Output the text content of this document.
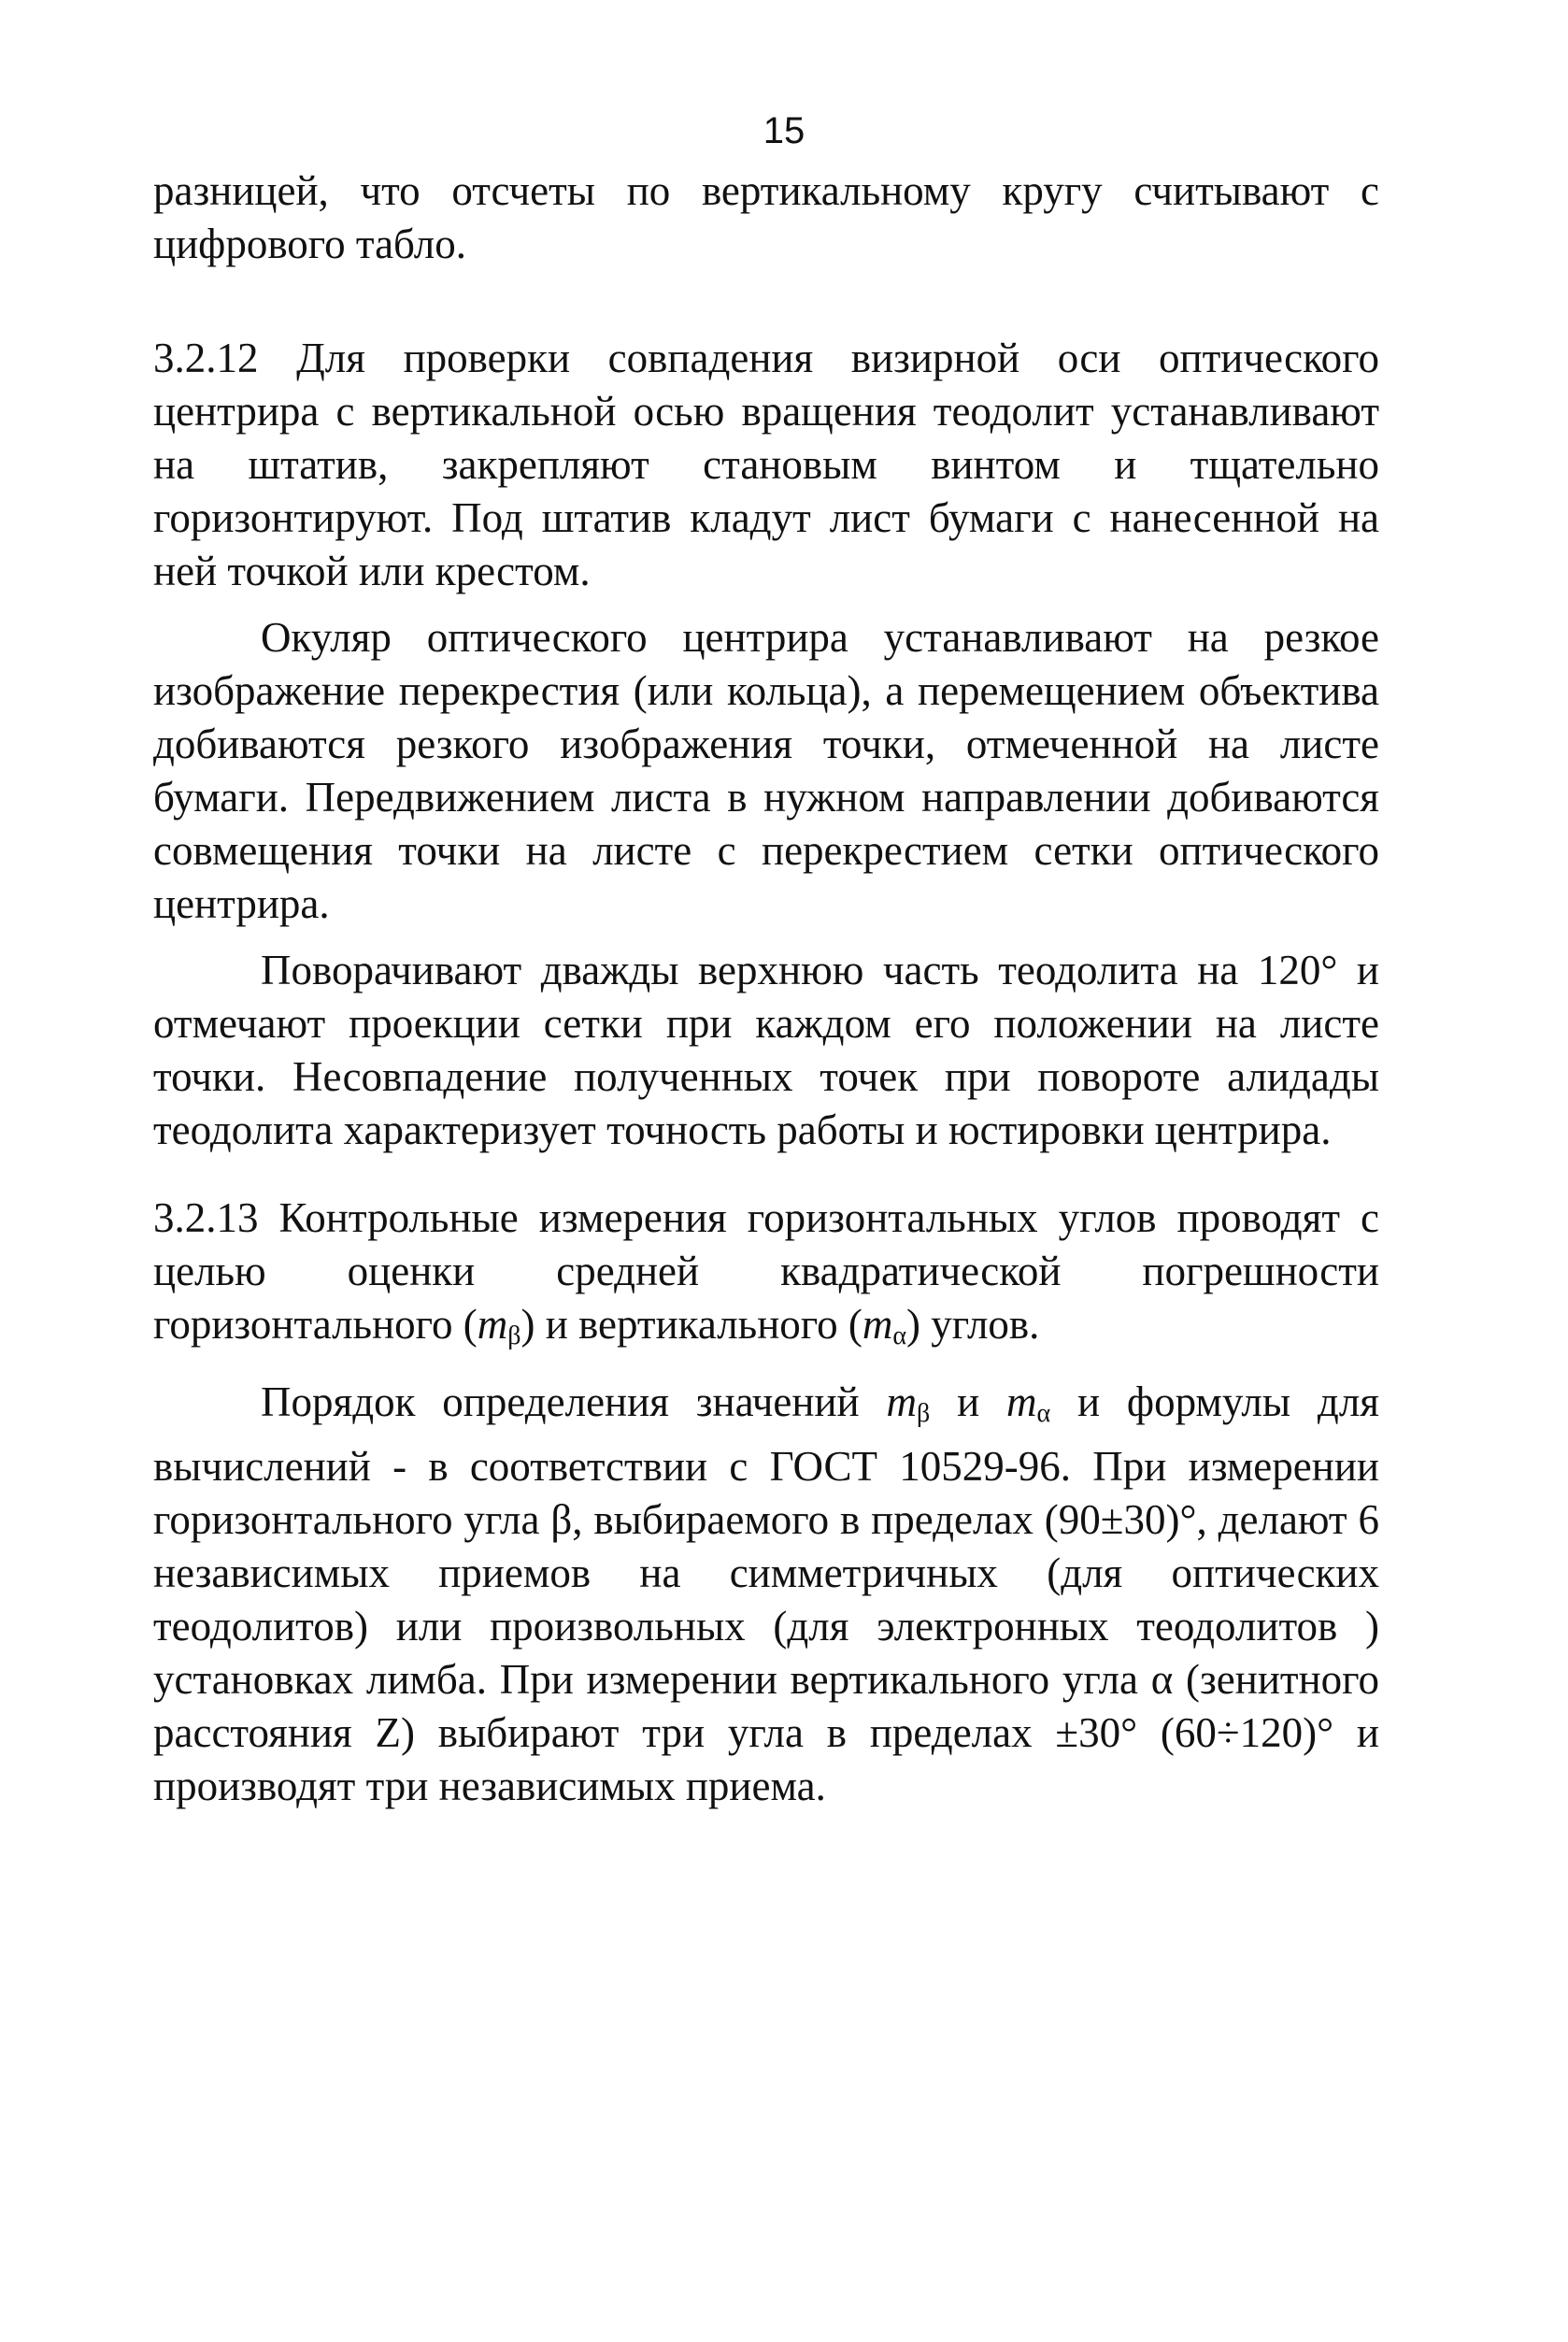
15

разницей, что отсчеты по вертикальному кругу считывают с цифрового табло.

3.2.12 Для проверки совпадения визирной оси оптического центрира с вертикальной осью вращения теодолит устанавливают на штатив, закрепляют становым винтом и тщательно горизонтируют. Под штатив кладут лист бумаги с нанесенной на ней точкой или крестом.

Окуляр оптического центрира устанавливают на резкое изображение перекрестия (или кольца), а перемещением объектива добиваются резкого изображения точки, отмеченной на листе бумаги. Передвижением листа в нужном направлении добиваются совмещения точки на листе с перекрестием сетки оптического центрира.

Поворачивают дважды верхнюю часть теодолита на 120° и отмечают проекции сетки при каждом его положении на листе точки. Несовпадение полученных точек при повороте алидады теодолита характеризует точность работы и юстировки центрира.

3.2.13 Контрольные измерения горизонтальных углов проводят с целью оценки средней квадратической погрешности горизонтального $(m_\beta)$ и вертикального $(m_\alpha)$ углов.

Порядок определения значений $m_\beta$ и $m_\alpha$ и формулы для вычислений - в соответствии с ГОСТ 10529-96. При измерении горизонтального угла β, выбираемого в пределах (90±30)°, делают 6 независимых приемов на симметричных (для оптических теодолитов) или произвольных (для электронных теодолитов ) установках лимба. При измерении вертикального угла α (зенитного расстояния Z) выбирают три угла в пределах ±30° (60÷120)° и производят три независимых приема.
